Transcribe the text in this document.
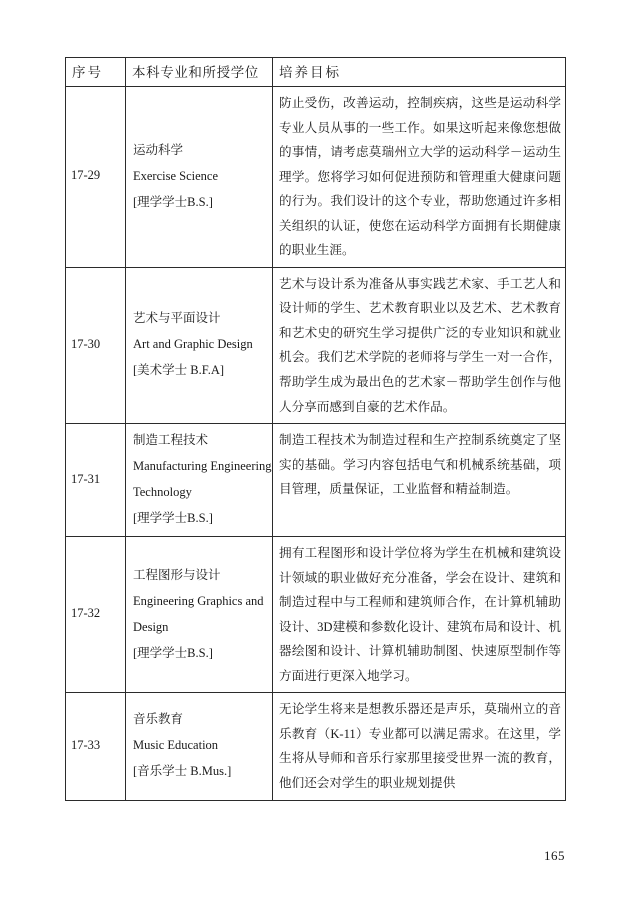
序号	本科专业和所授学位	培养目标
17-29	运动科学
Exercise Science
[理学学士B.S.]	防止受伤，改善运动，控制疾病，这些是运动科学专业人员从事的一些工作。如果这听起来像您想做的事情，请考虑莫瑞州立大学的运动科学－运动生理学。您将学习如何促进预防和管理重大健康问题的行为。我们设计的这个专业，帮助您通过许多相关组织的认证，使您在运动科学方面拥有长期健康的职业生涯。
17-30	艺术与平面设计
Art and Graphic Design
[美术学士 B.F.A]	艺术与设计系为准备从事实践艺术家、手工艺人和设计师的学生、艺术教育职业以及艺术、艺术教育和艺术史的研究生学习提供广泛的专业知识和就业机会。我们艺术学院的老师将与学生一对一合作，帮助学生成为最出色的艺术家－帮助学生创作与他人分享而感到自豪的艺术作品。
17-31	制造工程技术
Manufacturing Engineering
Technology
[理学学士B.S.]	制造工程技术为制造过程和生产控制系统奠定了坚实的基础。学习内容包括电气和机械系统基础，项目管理，质量保证，工业监督和精益制造。
17-32	工程图形与设计
Engineering Graphics and
Design
[理学学士B.S.]	拥有工程图形和设计学位将为学生在机械和建筑设计领域的职业做好充分准备，学会在设计、建筑和制造过程中与工程师和建筑师合作，在计算机辅助设计、3D建模和参数化设计、建筑布局和设计、机器绘图和设计、计算机辅助制图、快速原型制作等方面进行更深入地学习。
17-33	音乐教育
Music Education
[音乐学士 B.Mus.]	无论学生将来是想教乐器还是声乐，莫瑞州立的音乐教育（K-11）专业都可以满足需求。在这里，学生将从导师和音乐行家那里接受世界一流的教育，他们还会对学生的职业规划提供
165
